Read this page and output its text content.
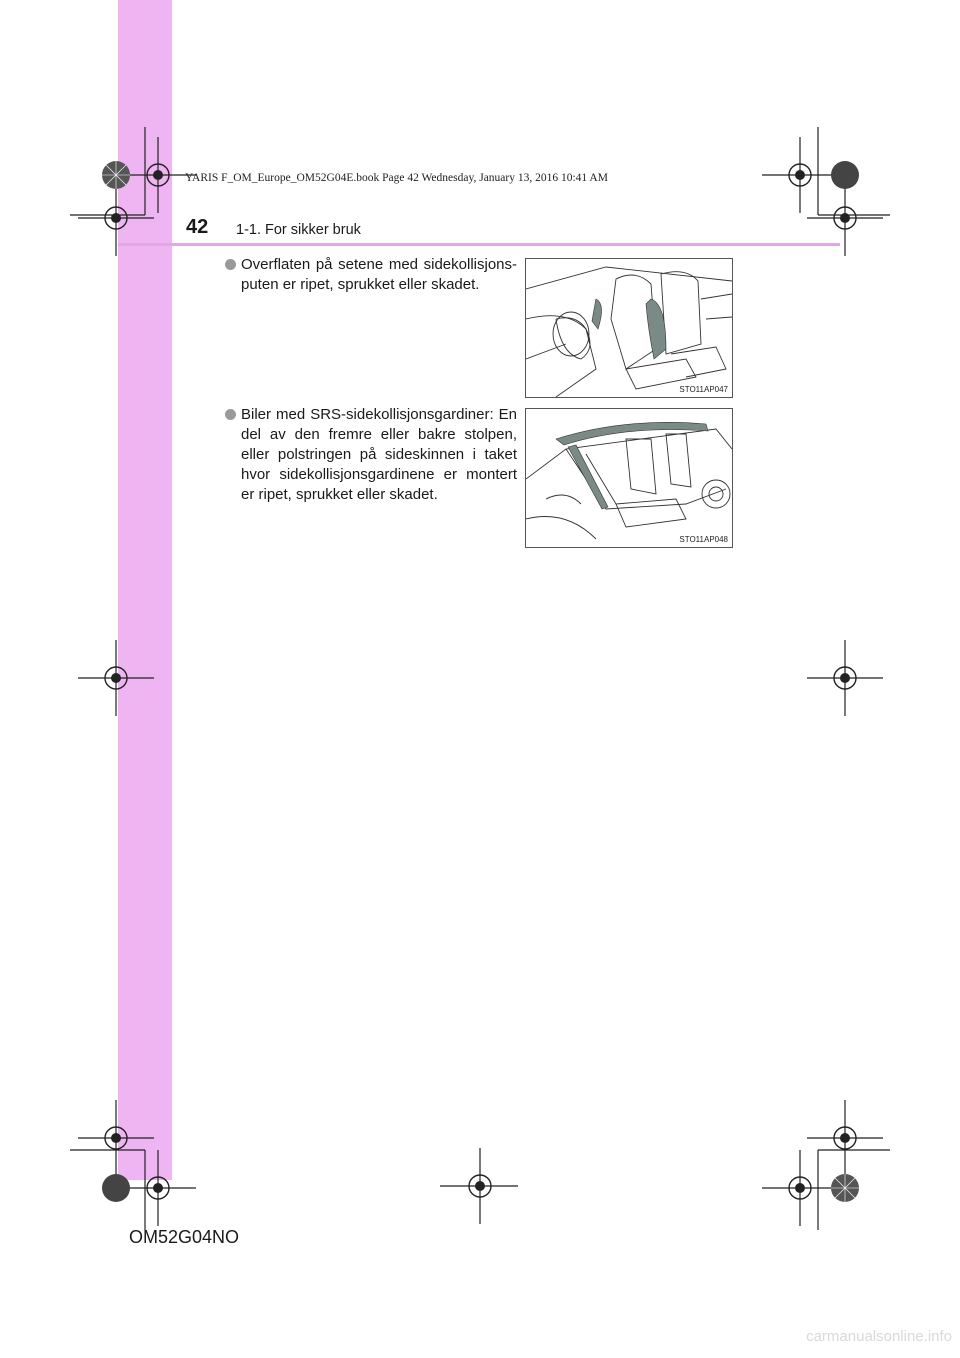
YARIS F_OM_Europe_OM52G04E.book Page 42 Wednesday, January 13, 2016 10:41 AM
42 1-1. For sikker bruk
Overflaten på setene med sidekollisjons-puten er ripet, sprukket eller skadet.
STO11AP047
Biler med SRS-sidekollisjonsgardiner: En del av den fremre eller bakre stolpen, eller polstringen på sideskinnen i taket hvor sidekollisjonsgardinene er montert er ripet, sprukket eller skadet.
STO11AP048
OM52G04NO
carmanualsonline.info
